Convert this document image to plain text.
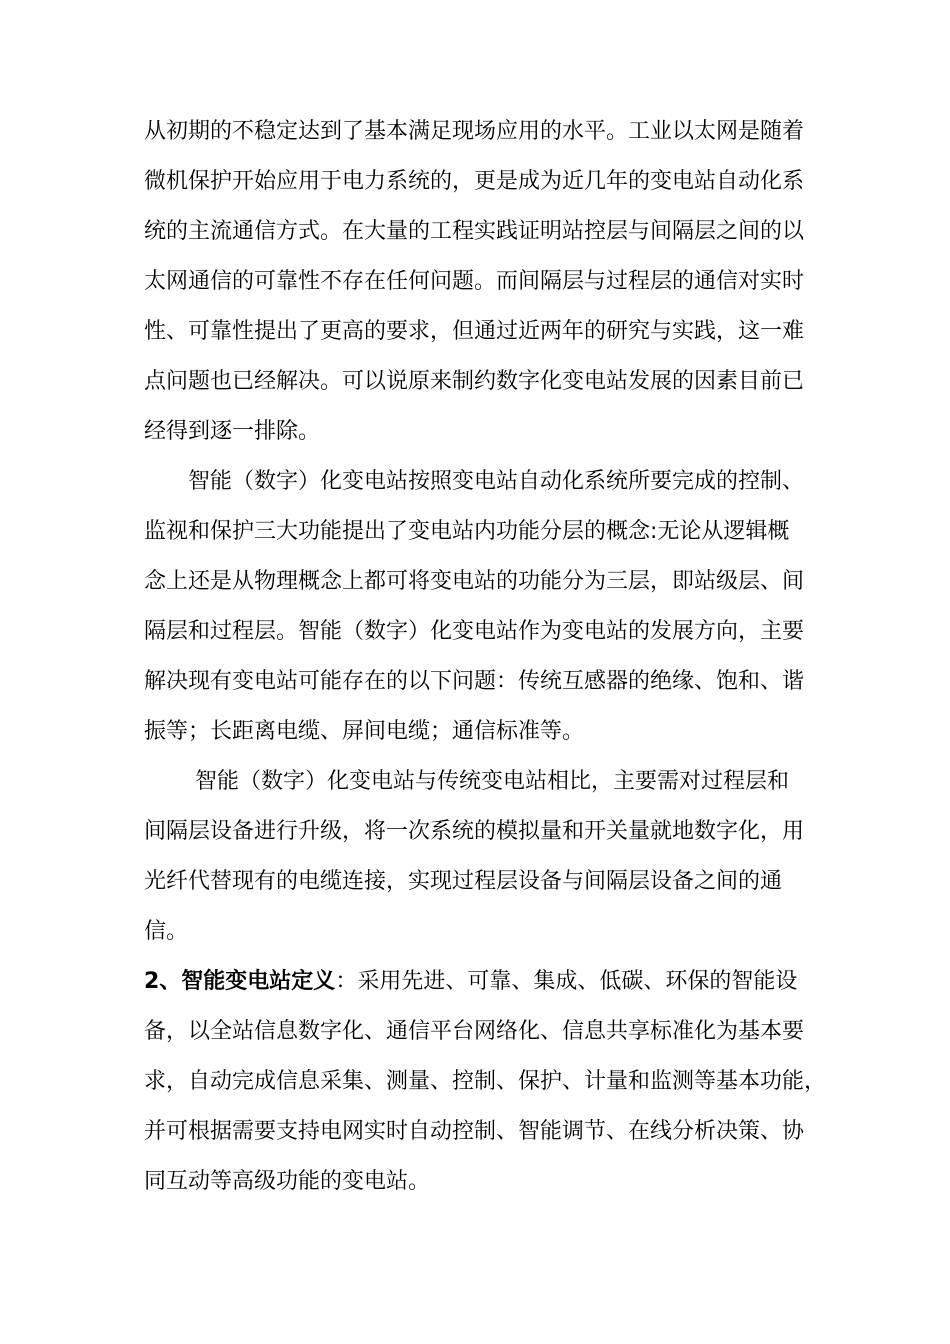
从初期的不稳定达到了基本满足现场应用的水平。工业以太网是随着
微机保护开始应用于电力系统的，更是成为近几年的变电站自动化系
统的主流通信方式。在大量的工程实践证明站控层与间隔层之间的以
太网通信的可靠性不存在任何问题。而间隔层与过程层的通信对实时
性、可靠性提出了更高的要求，但通过近两年的研究与实践，这一难
点问题也已经解决。可以说原来制约数字化变电站发展的因素目前已
经得到逐一排除。
　　智能（数字）化变电站按照变电站自动化系统所要完成的控制、
监视和保护三大功能提出了变电站内功能分层的概念:无论从逻辑概
念上还是从物理概念上都可将变电站的功能分为三层，即站级层、间
隔层和过程层。智能（数字）化变电站作为变电站的发展方向，主要
解决现有变电站可能存在的以下问题：传统互感器的绝缘、饱和、谐
振等；长距离电缆、屏间电缆；通信标准等。
　　 智能（数字）化变电站与传统变电站相比，主要需对过程层和
间隔层设备进行升级，将一次系统的模拟量和开关量就地数字化，用
光纤代替现有的电缆连接，实现过程层设备与间隔层设备之间的通
信。
2、智能变电站定义：采用先进、可靠、集成、低碳、环保的智能设
备，以全站信息数字化、通信平台网络化、信息共享标准化为基本要
求，自动完成信息采集、测量、控制、保护、计量和监测等基本功能，
并可根据需要支持电网实时自动控制、智能调节、在线分析决策、协
同互动等高级功能的变电站。
